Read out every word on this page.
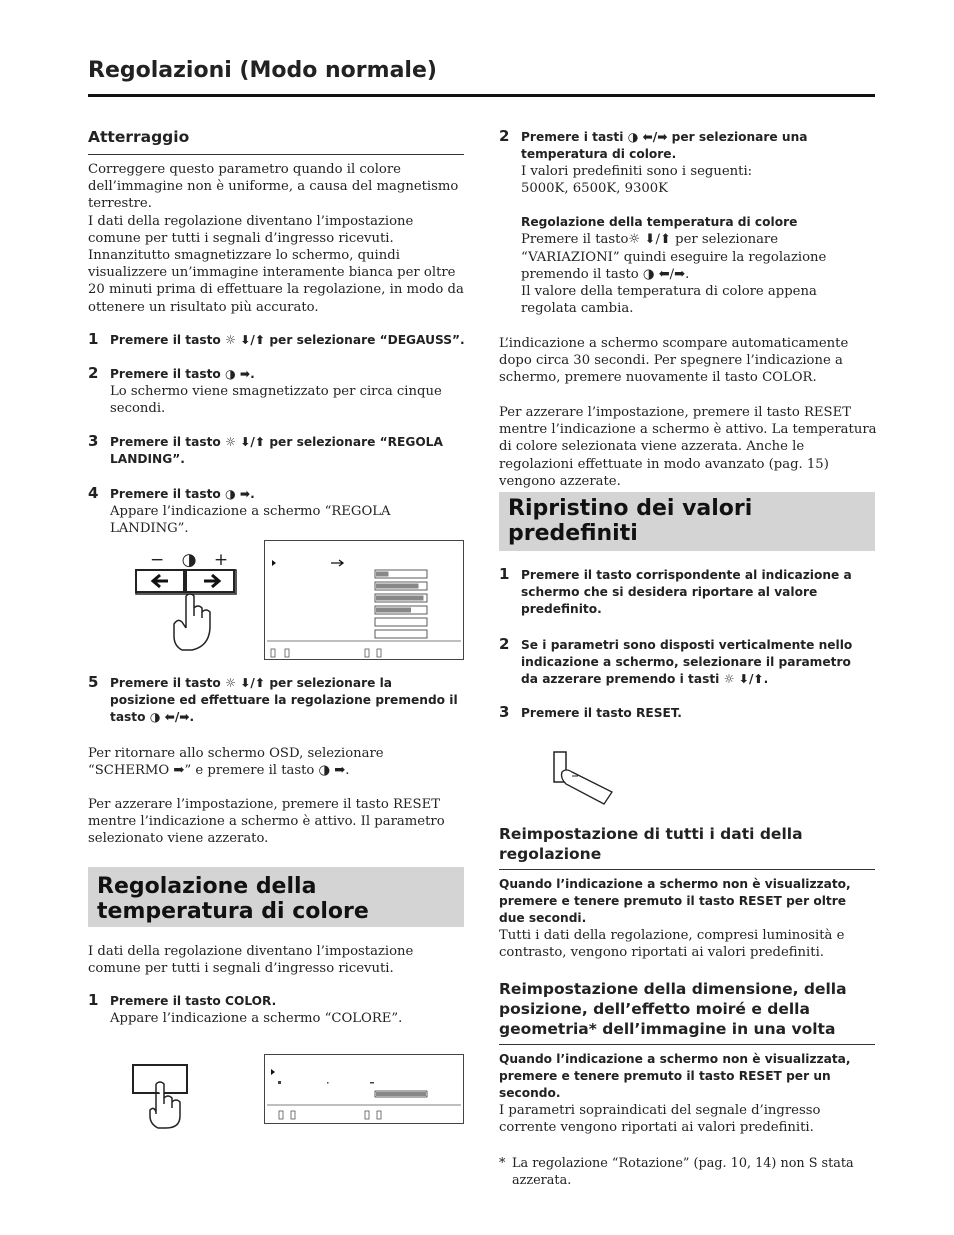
Regolazioni (Modo normale)
Atterraggio
Correggere questo parametro quando il colore dell’immagine non è uniforme, a causa del magnetismo terrestre.
I dati della regolazione diventano l’impostazione comune per tutti i segnali d’ingresso ricevuti.
Innanzitutto smagnetizzare lo schermo, quindi visualizzere un’immagine interamente bianca per oltre 20 minuti prima di effettuare la regolazione, in modo da ottenere un risultato più accurato.
1 Premere il tasto ☼ ⬇/⬆ per selezionare “DEGAUSS”.
2 Premere il tasto ◑ ➡.
Lo schermo viene smagnetizzato per circa cinque secondi.
3 Premere il tasto ☼ ⬇/⬆ per selezionare “REGOLA LANDING”.
4 Premere il tasto ◑ ➡.
Appare l’indicazione a schermo “REGOLA LANDING”.
− ◑ +
5 Premere il tasto ☼ ⬇/⬆ per selezionare la posizione ed effettuare la regolazione premendo il tasto ◑ ⬅/➡.
Per ritornare allo schermo OSD, selezionare “SCHERMO ➡” e premere il tasto ◑ ➡.
Per azzerare l’impostazione, premere il tasto RESET mentre l’indicazione a schermo è attivo. Il parametro selezionato viene azzerato.
Regolazione della temperatura di colore
I dati della regolazione diventano l’impostazione comune per tutti i segnali d’ingresso ricevuti.
1 Premere il tasto COLOR.
Appare l’indicazione a schermo “COLORE”.
2 Premere i tasti ◑ ⬅/➡ per selezionare una temperatura di colore.
I valori predefiniti sono i seguenti:
5000K, 6500K, 9300K
Regolazione della temperatura di colore
Premere il tasto☼ ⬇/⬆ per selezionare “VARIAZIONI” quindi eseguire la regolazione premendo il tasto ◑ ⬅/➡.
Il valore della temperatura di colore appena regolata cambia.
L’indicazione a schermo scompare automaticamente dopo circa 30 secondi. Per spegnere l’indicazione a schermo, premere nuovamente il tasto COLOR.
Per azzerare l’impostazione, premere il tasto RESET mentre l’indicazione a schermo è attivo. La temperatura di colore selezionata viene azzerata. Anche le regolazioni effettuate in modo avanzato (pag. 15) vengono azzerate.
Ripristino dei valori predefiniti
1 Premere il tasto corrispondente al indicazione a schermo che si desidera riportare al valore predefinito.
2 Se i parametri sono disposti verticalmente nello indicazione a schermo, selezionare il parametro da azzerare premendo i tasti ☼ ⬇/⬆.
3 Premere il tasto RESET.
Reimpostazione di tutti i dati della regolazione
Quando l’indicazione a schermo non è visualizzato, premere e tenere premuto il tasto RESET per oltre due secondi.
Tutti i dati della regolazione, compresi luminosità e contrasto, vengono riportati ai valori predefiniti.
Reimpostazione della dimensione, della posizione, dell’effetto moiré e della geometria* dell’immagine in una volta
Quando l’indicazione a schermo non è visualizzata, premere e tenere premuto il tasto RESET per un secondo.
I parametri sopraindicati del segnale d’ingresso corrente vengono riportati ai valori predefiniti.
* La regolazione “Rotazione” (pag. 10, 14) non S stata azzerata.
